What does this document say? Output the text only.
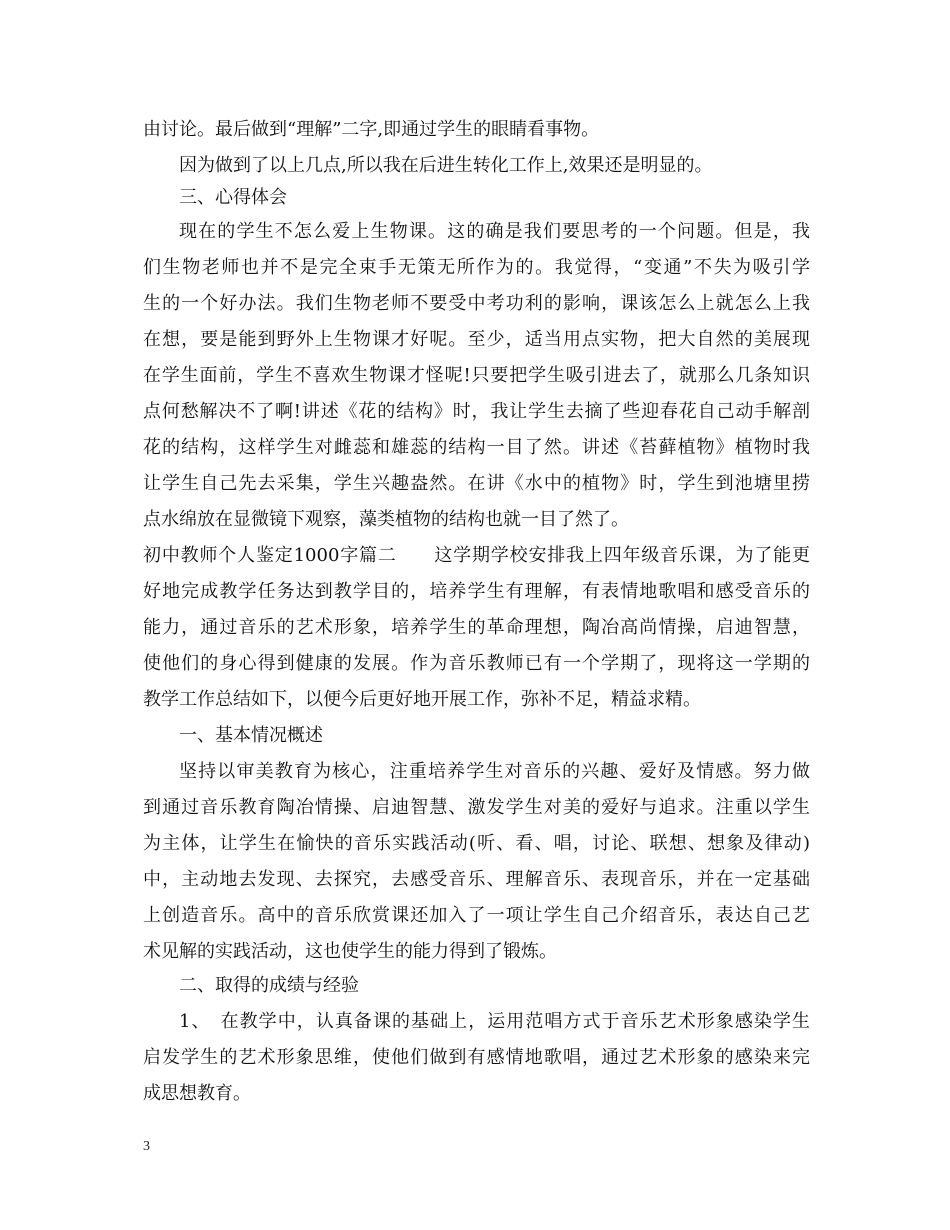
由讨论。最后做到“理解”二字,即通过学生的眼睛看事物。
因为做到了以上几点,所以我在后进生转化工作上,效果还是明显的。
三、心得体会
现在的学生不怎么爱上生物课。这的确是我们要思考的一个问题。但是，我
们生物老师也并不是完全束手无策无所作为的。我觉得，“变通”不失为吸引学
生的一个好办法。我们生物老师不要受中考功利的影响，课该怎么上就怎么上我
在想，要是能到野外上生物课才好呢。至少，适当用点实物，把大自然的美展现
在学生面前，学生不喜欢生物课才怪呢!只要把学生吸引进去了，就那么几条知识
点何愁解决不了啊!讲述《花的结构》时，我让学生去摘了些迎春花自己动手解剖
花的结构，这样学生对雌蕊和雄蕊的结构一目了然。讲述《苔藓植物》植物时我
让学生自己先去采集，学生兴趣盎然。在讲《水中的植物》时，学生到池塘里捞
点水绵放在显微镜下观察，藻类植物的结构也就一目了然了。
初中教师个人鉴定1000字篇二　　这学期学校安排我上四年级音乐课，为了能更
好地完成教学任务达到教学目的，培养学生有理解，有表情地歌唱和感受音乐的
能力，通过音乐的艺术形象，培养学生的革命理想，陶冶高尚情操，启迪智慧，
使他们的身心得到健康的发展。作为音乐教师已有一个学期了，现将这一学期的
教学工作总结如下，以便今后更好地开展工作，弥补不足，精益求精。
一、基本情况概述
坚持以审美教育为核心，注重培养学生对音乐的兴趣、爱好及情感。努力做
到通过音乐教育陶冶情操、启迪智慧、激发学生对美的爱好与追求。注重以学生
为主体，让学生在愉快的音乐实践活动(听、看、唱，讨论、联想、想象及律动)
中，主动地去发现、去探究，去感受音乐、理解音乐、表现音乐，并在一定基础
上创造音乐。高中的音乐欣赏课还加入了一项让学生自己介绍音乐，表达自己艺
术见解的实践活动，这也使学生的能力得到了锻炼。
二、取得的成绩与经验
1、　在教学中，认真备课的基础上，运用范唱方式于音乐艺术形象感染学生
启发学生的艺术形象思维，使他们做到有感情地歌唱，通过艺术形象的感染来完
成思想教育。
3
